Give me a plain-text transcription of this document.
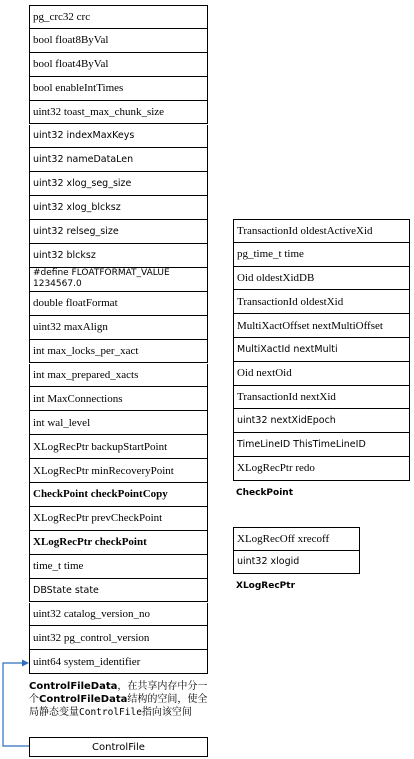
pg_crc32 crc
bool float8ByVal
bool float4ByVal
bool enableIntTimes
uint32 toast_max_chunk_size
uint32 indexMaxKeys
uint32 nameDataLen
uint32 xlog_seg_size
uint32 xlog_blcksz
uint32 relseg_size
uint32 blcksz
#define FLOATFORMAT_VALUE 1234567.0
double floatFormat
uint32 maxAlign
int max_locks_per_xact
int max_prepared_xacts
int MaxConnections
int wal_level
XLogRecPtr backupStartPoint
XLogRecPtr minRecoveryPoint
CheckPoint checkPointCopy
XLogRecPtr prevCheckPoint
XLogRecPtr checkPoint
time_t time
DBState state
uint32 catalog_version_no
uint32 pg_control_version
uint64 system_identifier
ControlFileData，在共享内存中分一个ControlFileData结构的空间，使全局静态变量ControlFile指向该空间
ControlFile
TransactionId oldestActiveXid
pg_time_t time
Oid oldestXidDB
TransactionId oldestXid
MultiXactOffset nextMultiOffset
MultiXactId nextMulti
Oid nextOid
TransactionId nextXid
uint32 nextXidEpoch
TimeLineID ThisTimeLineID
XLogRecPtr redo
CheckPoint
XLogRecOff xrecoff
uint32 xlogid
XLogRecPtr
